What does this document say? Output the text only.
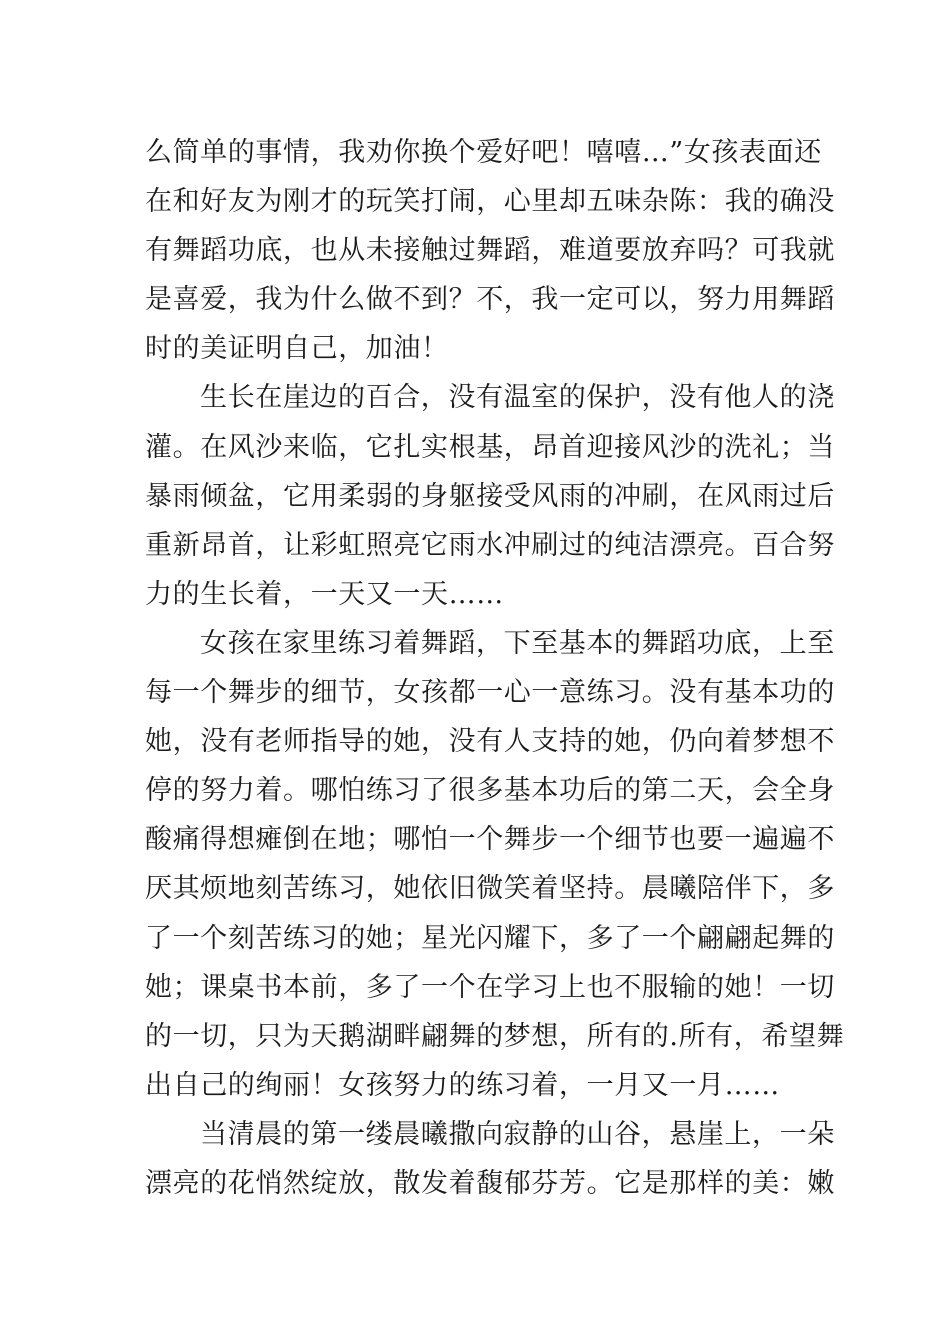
么简单的事情，我劝你换个爱好吧！嘻嘻…”女孩表面还
在和好友为刚才的玩笑打闹，心里却五味杂陈：我的确没
有舞蹈功底，也从未接触过舞蹈，难道要放弃吗？可我就
是喜爱，我为什么做不到？不，我一定可以，努力用舞蹈
时的美证明自己，加油！
生长在崖边的百合，没有温室的保护，没有他人的浇
灌。在风沙来临，它扎实根基，昂首迎接风沙的洗礼；当
暴雨倾盆，它用柔弱的身躯接受风雨的冲刷，在风雨过后
重新昂首，让彩虹照亮它雨水冲刷过的纯洁漂亮。百合努
力的生长着，一天又一天……
女孩在家里练习着舞蹈，下至基本的舞蹈功底，上至
每一个舞步的细节，女孩都一心一意练习。没有基本功的
她，没有老师指导的她，没有人支持的她，仍向着梦想不
停的努力着。哪怕练习了很多基本功后的第二天，会全身
酸痛得想瘫倒在地；哪怕一个舞步一个细节也要一遍遍不
厌其烦地刻苦练习，她依旧微笑着坚持。晨曦陪伴下，多
了一个刻苦练习的她；星光闪耀下，多了一个翩翩起舞的
她；课桌书本前，多了一个在学习上也不服输的她！一切
的一切，只为天鹅湖畔翩舞的梦想，所有的.所有，希望舞
出自己的绚丽！女孩努力的练习着，一月又一月……
当清晨的第一缕晨曦撒向寂静的山谷，悬崖上，一朵
漂亮的花悄然绽放，散发着馥郁芬芳。它是那样的美：嫩
